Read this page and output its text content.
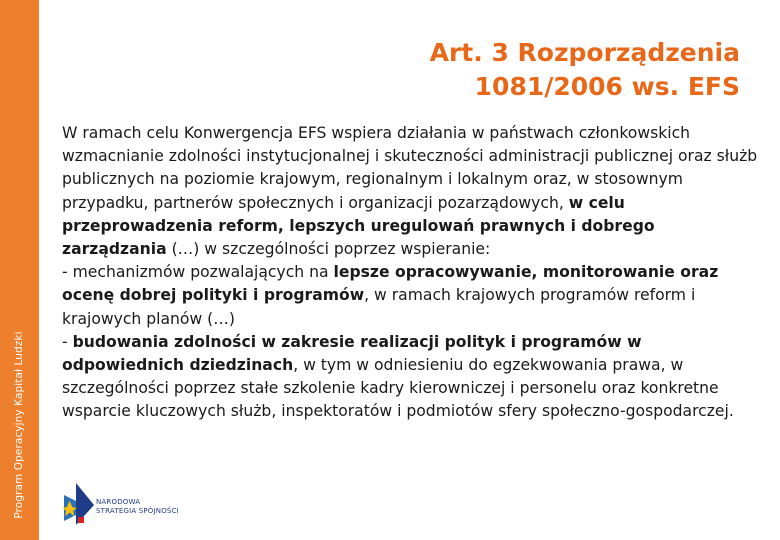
Program Operacyjny Kapitał Ludzki
Art. 3 Rozporządzenia
1081/2006 ws. EFS
W ramach celu Konwergencja EFS wspiera działania w państwach członkowskich wzmacnianie zdolności instytucjonalnej i skuteczności administracji publicznej oraz służb publicznych na poziomie krajowym, regionalnym i lokalnym oraz, w stosownym przypadku, partnerów społecznych i organizacji pozarządowych, w celu przeprowadzenia reform, lepszych uregulowań prawnych i dobrego zarządzania (…) w szczególności poprzez wspieranie:
- mechanizmów pozwalających na lepsze opracowywanie, monitorowanie oraz ocenę dobrej polityki i programów, w ramach krajowych programów reform i krajowych planów (…)
- budowania zdolności w zakresie realizacji polityk i programów w odpowiednich dziedzinach, w tym w odniesieniu do egzekwowania prawa, w szczególności poprzez stałe szkolenie kadry kierowniczej i personelu oraz konkretne wsparcie kluczowych służb, inspektoratów i podmiotów sfery społeczno-gospodarczej.
NARODOWA
STRATEGIA SPÓJNOŚCI
